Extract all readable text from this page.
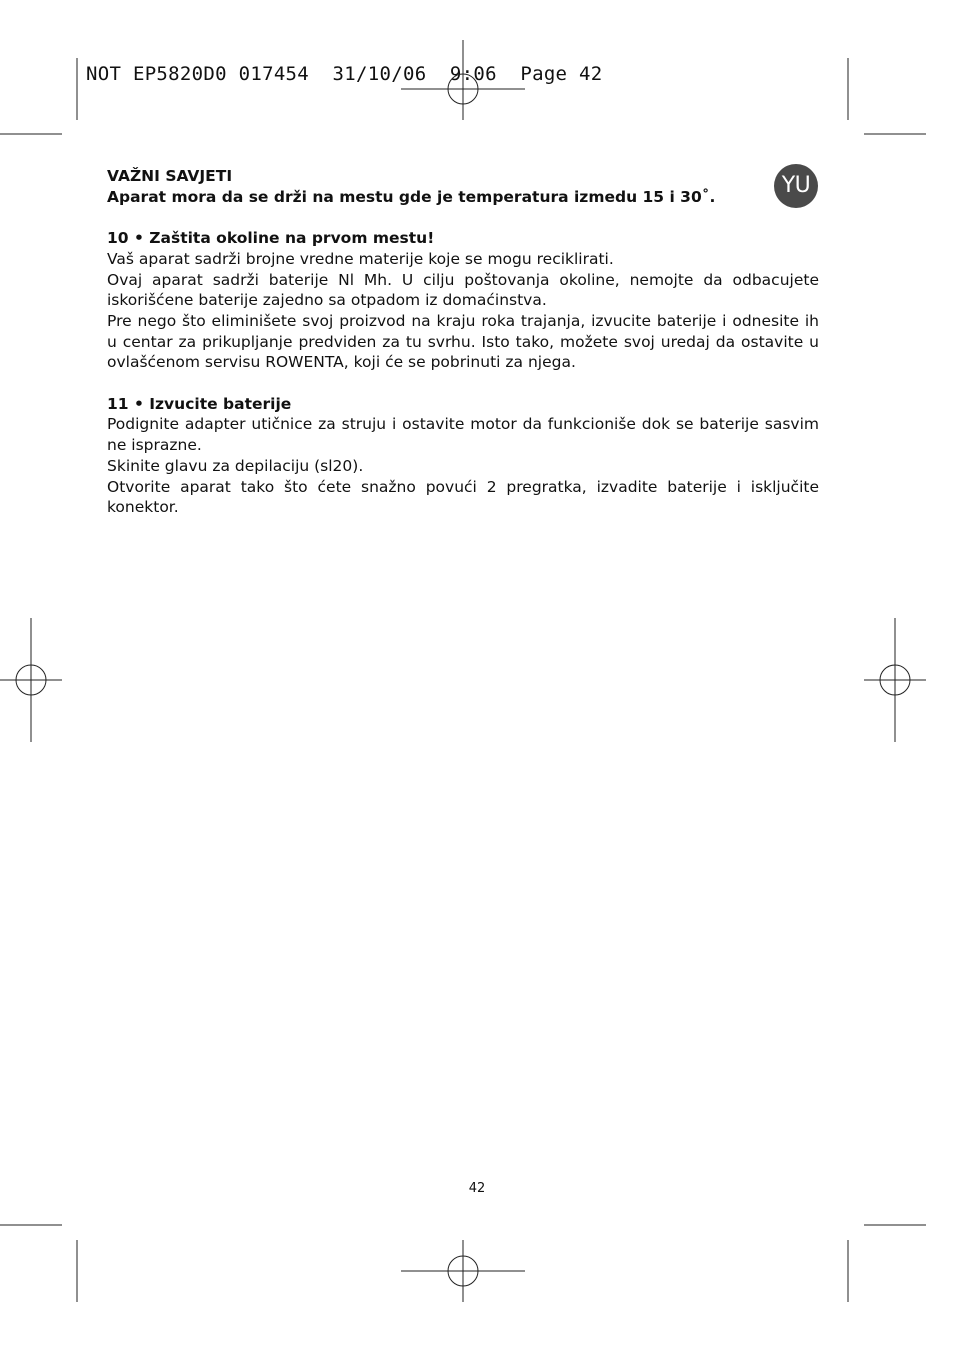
NOT EP5820D0 017454  31/10/06  9:06  Page 42
YU

VAŽNI SAVJETI

Aparat mora da se drži na mestu gde je temperatura izmedu 15 i 30˚.

10 • Zaštita okoline na prvom mestu!

Vaš aparat sadrži brojne vredne materije koje se mogu reciklirati.

Ovaj aparat sadrži baterije Nl Mh. U cilju poštovanja okoline, nemojte da odbacujete iskorišćene baterije zajedno sa otpadom iz domaćinstva.

Pre nego što eliminišete svoj proizvod na kraju roka trajanja, izvucite baterije i odnesite ih u centar za prikupljanje predviden za tu svrhu. Isto tako, možete svoj uredaj da ostavite u ovlašćenom servisu ROWENTA, koji će se pobrinuti za njega.

11 • Izvucite baterije

Podignite adapter utičnice za struju i ostavite motor da funkcioniše dok se baterije sasvim ne isprazne.

Skinite glavu za depilaciju (sl20).

Otvorite aparat tako što ćete snažno povući 2 pregratka, izvadite baterije i isključite konektor.

42
